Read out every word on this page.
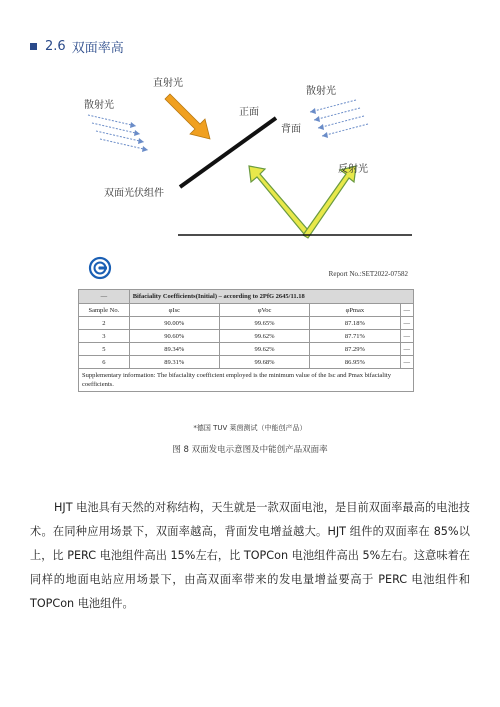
2.6 双面率高
直射光
散射光
散射光
正面
背面
反射光
双面光伏组件
Report No.:SET2022-07582
—	Bifaciality Coefficients(Initial) – according to 2PfG 2645/11.18			
Sample No.	φIsc	φVoc	φPmax	—
2	90.00%	99.65%	87.18%	—
3	90.60%	99.62%	87.71%	—
5	89.34%	99.62%	87.29%	—
6	89.31%	99.68%	86.95%	—
Supplementary information: The bifaciality coefficient employed is the minimum value of the Isc and Pmax bifaciality coefficients.				
*德国 TUV 莱茵测试（中能创产品）
图 8 双面发电示意图及中能创产品双面率

HJT 电池具有天然的对称结构，天生就是一款双面电池，是目前双面率最高的电池技术。在同种应用场景下，双面率越高，背面发电增益越大。HJT 组件的双面率在 85%以上，比 PERC 电池组件高出 15%左右，比 TOPCon 电池组件高出 5%左右。这意味着在同样的地面电站应用场景下，由高双面率带来的发电量增益要高于 PERC 电池组件和 TOPCon 电池组件。
